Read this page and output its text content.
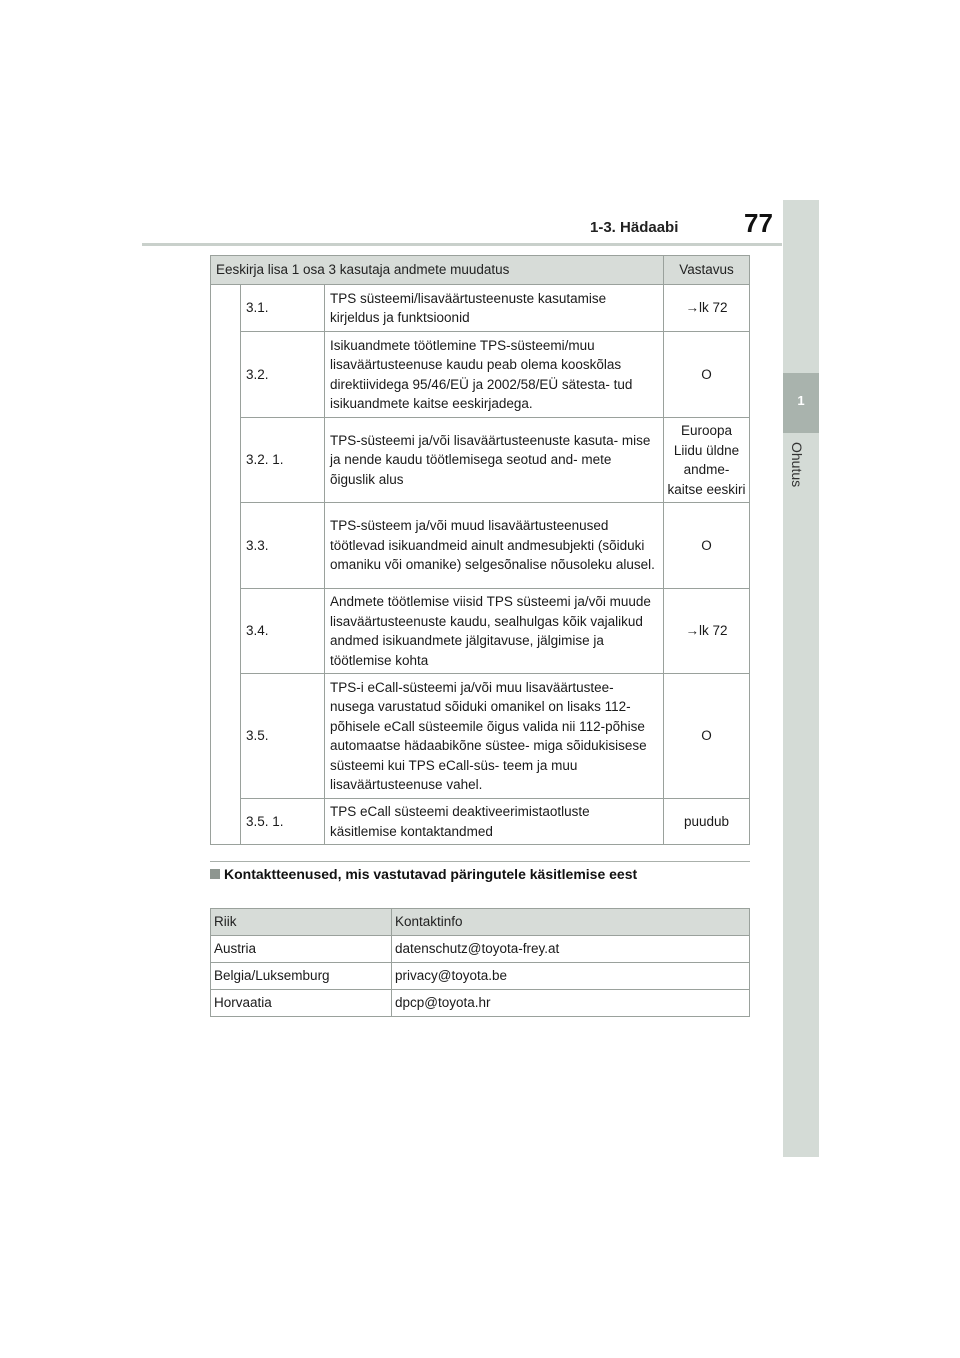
1-3. Hädaabi	77
1
Ohutus
Eeskirja lisa 1 osa 3 kasutaja andmete muudatus			Vastavus
	3.1.	TPS süsteemi/lisaväärtusteenuste kasutamise kirjeldus ja funktsioonid	→lk 72
	3.2.	Isikuandmete töötlemine TPS-süsteemi/muu lisaväärtusteenuse kaudu peab olema kooskõlas direktiividega 95/46/EÜ ja 2002/58/EÜ sätesta- tud isikuandmete kaitse eeskirjadega.	O
	3.2. 1.	TPS-süsteemi ja/või lisaväärtusteenuste kasuta- mise ja nende kaudu töötlemisega seotud and- mete õiguslik alus	Euroopa Liidu üldne andme- kaitse eeskiri
	3.3.	TPS-süsteem ja/või muud lisaväärtusteenused töötlevad isikuandmeid ainult andmesubjekti (sõiduki omaniku või omanike) selgesõnalise nõusoleku alusel.	O
	3.4.	Andmete töötlemise viisid TPS süsteemi ja/või muude lisaväärtusteenuste kaudu, sealhulgas kõik vajalikud andmed isikuandmete jälgitavuse, jälgimise ja töötlemise kohta	→lk 72
	3.5.	TPS-i eCall-süsteemi ja/või muu lisaväärtustee- nusega varustatud sõiduki omanikel on lisaks 112-põhisele eCall süsteemile õigus valida nii 112-põhise automaatse hädaabikõne süstee- miga sõidukisisese süsteemi kui TPS eCall-süs- teem ja muu lisaväärtusteenuse vahel.	O
	3.5. 1.	TPS eCall süsteemi deaktiveerimistaotluste käsitlemise kontaktandmed	puudub
Kontaktteenused, mis vastutavad päringutele käsitlemise eest
Riik	Kontaktinfo
Austria	datenschutz@toyota-frey.at
Belgia/Luksemburg	privacy@toyota.be
Horvaatia	dpcp@toyota.hr
